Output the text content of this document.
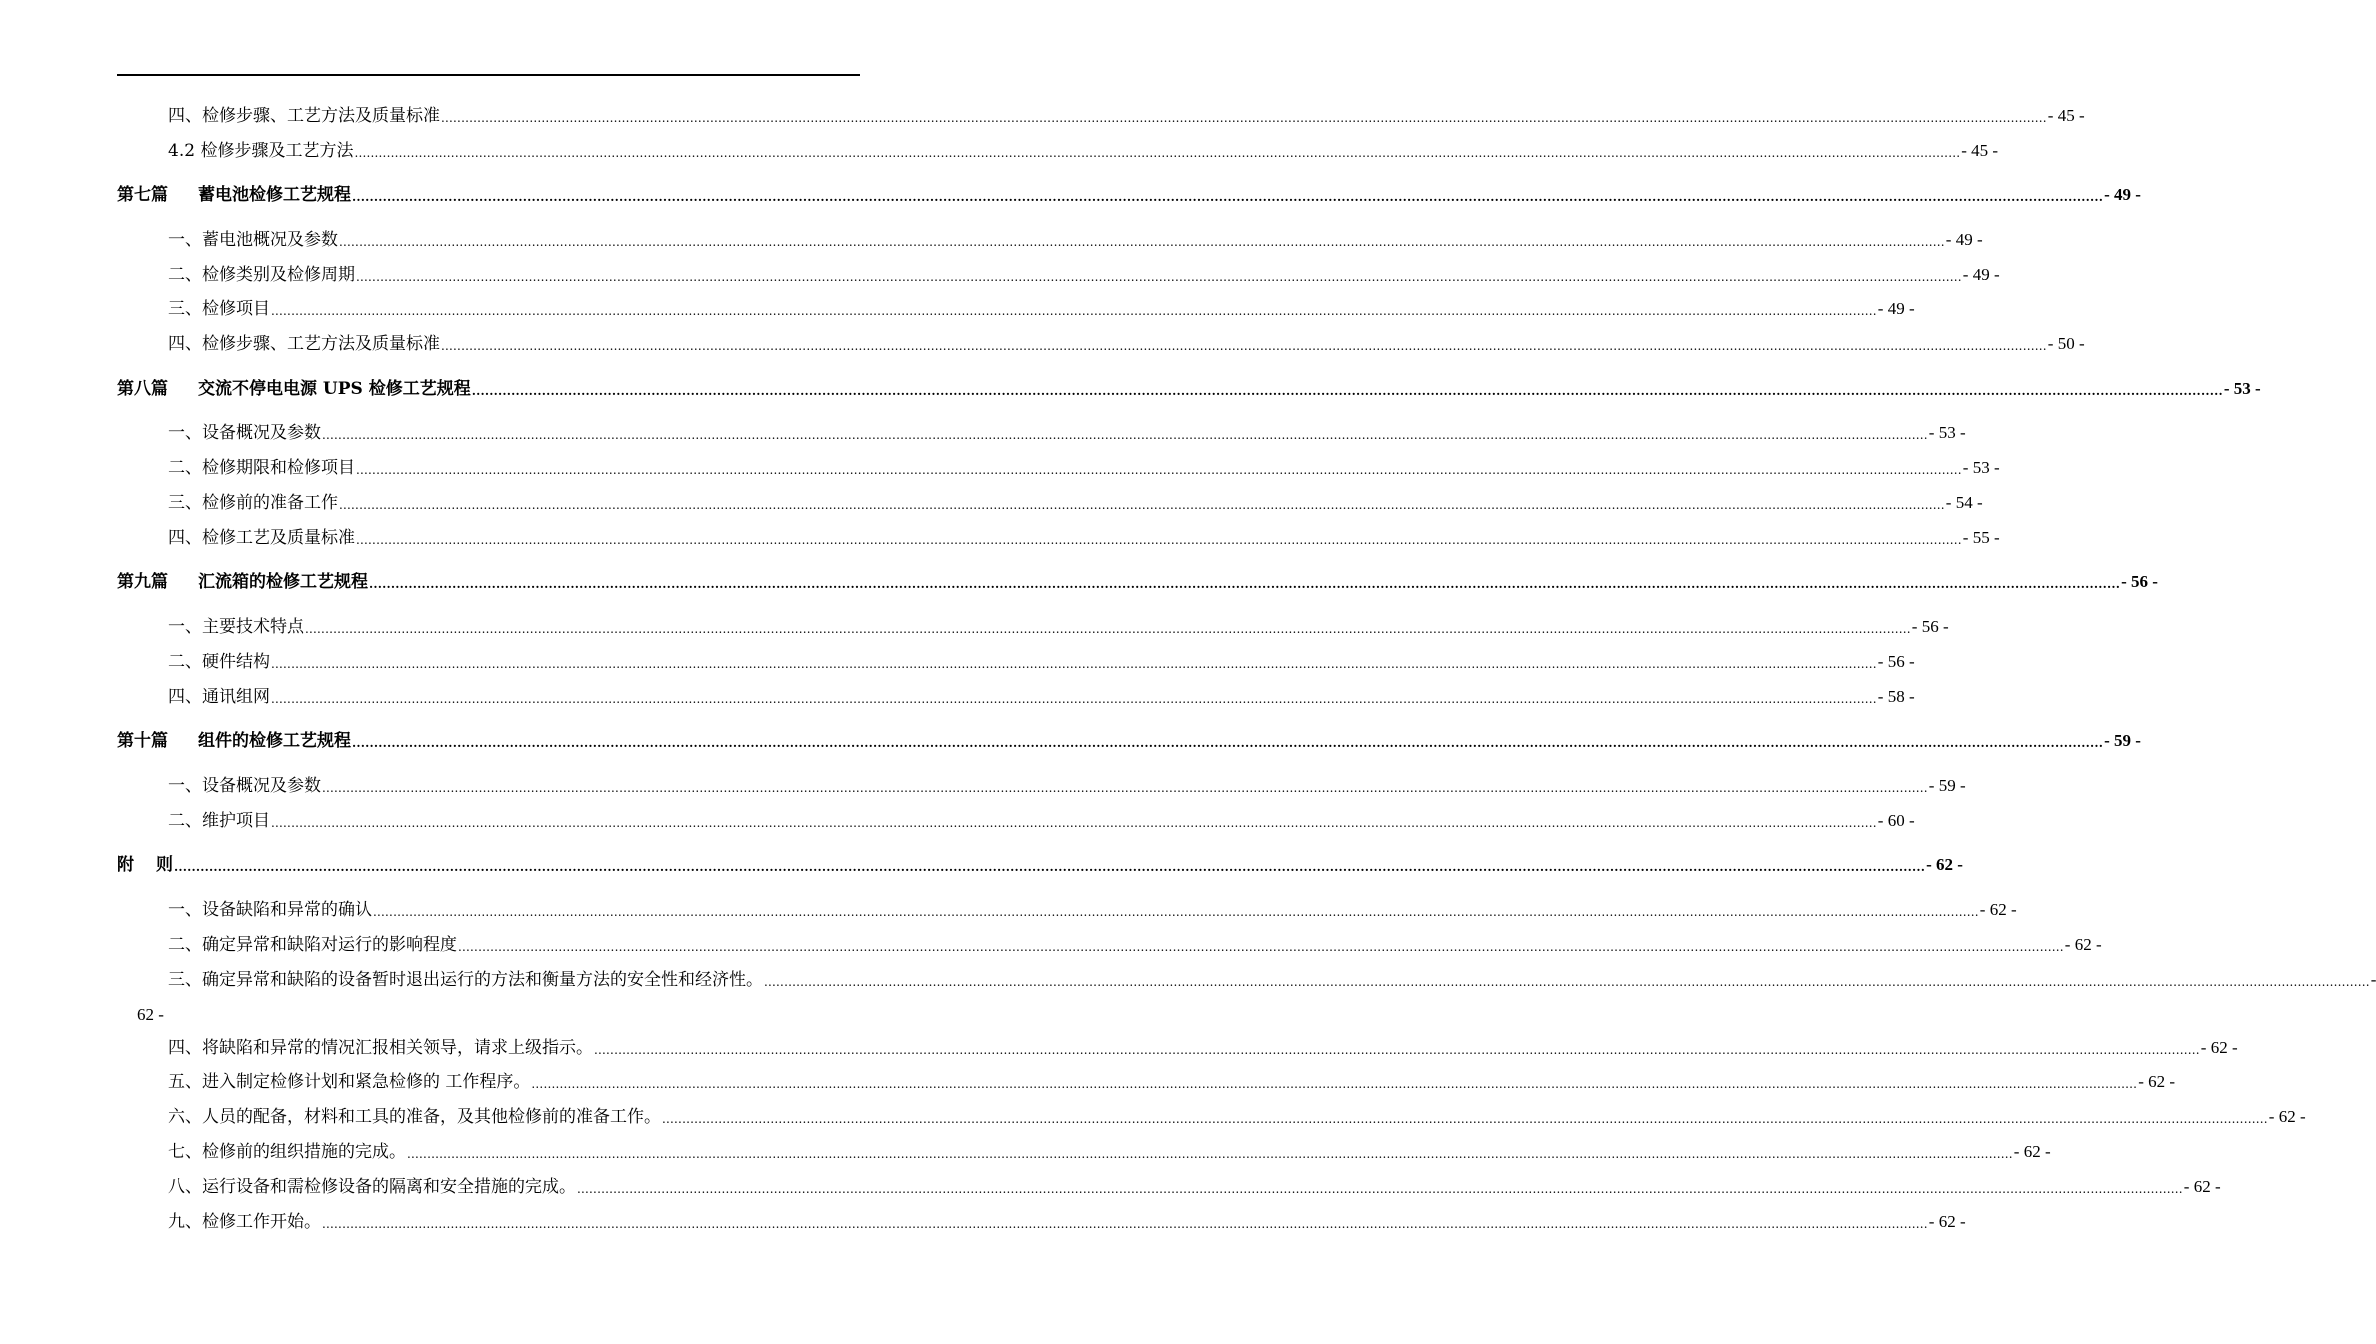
四、检修步骤、工艺方法及质量标准 ................................................................................................................................................................................................................................................................................................................................................................................................................ - 45 -
4.2 检修步骤及工艺方法 ................................................................................................................................................................................................................................................................................................................................................................................................................ - 45 -
第七篇 蓄电池检修工艺规程 ................................................................................................................................................................................................................................................................................................................................................................................................................ - 49 -
一、蓄电池概况及参数 ................................................................................................................................................................................................................................................................................................................................................................................................................ - 49 -
二、检修类别及检修周期 ................................................................................................................................................................................................................................................................................................................................................................................................................ - 49 -
三、检修项目 ................................................................................................................................................................................................................................................................................................................................................................................................................ - 49 -
四、检修步骤、工艺方法及质量标准 ................................................................................................................................................................................................................................................................................................................................................................................................................ - 50 -
第八篇 交流不停电电源 UPS 检修工艺规程 ................................................................................................................................................................................................................................................................................................................................................................................................................ - 53 -
一、设备概况及参数 ................................................................................................................................................................................................................................................................................................................................................................................................................ - 53 -
二、检修期限和检修项目 ................................................................................................................................................................................................................................................................................................................................................................................................................ - 53 -
三、检修前的准备工作 ................................................................................................................................................................................................................................................................................................................................................................................................................ - 54 -
四、检修工艺及质量标准 ................................................................................................................................................................................................................................................................................................................................................................................................................ - 55 -
第九篇 汇流箱的检修工艺规程 ................................................................................................................................................................................................................................................................................................................................................................................................................ - 56 -
一、主要技术特点 ................................................................................................................................................................................................................................................................................................................................................................................................................ - 56 -
二、硬件结构 ................................................................................................................................................................................................................................................................................................................................................................................................................ - 56 -
四、通讯组网 ................................................................................................................................................................................................................................................................................................................................................................................................................ - 58 -
第十篇 组件的检修工艺规程 ................................................................................................................................................................................................................................................................................................................................................................................................................ - 59 -
一、设备概况及参数 ................................................................................................................................................................................................................................................................................................................................................................................................................ - 59 -
二、维护项目 ................................................................................................................................................................................................................................................................................................................................................................................................................ - 60 -
附 则 ................................................................................................................................................................................................................................................................................................................................................................................................................ - 62 -
一、设备缺陷和异常的确认 ................................................................................................................................................................................................................................................................................................................................................................................................................ - 62 -
二、确定异常和缺陷对运行的影响程度 ................................................................................................................................................................................................................................................................................................................................................................................................................ - 62 -
三、确定异常和缺陷的设备暂时退出运行的方法和衡量方法的安全性和经济性。 ................................................................................................................................................................................................................................................................................................................................................................................................................ -
四、将缺陷和异常的情况汇报相关领导，请求上级指示。 ................................................................................................................................................................................................................................................................................................................................................................................................................ - 62 -
五、进入制定检修计划和紧急检修的 工作程序。 ................................................................................................................................................................................................................................................................................................................................................................................................................ - 62 -
六、人员的配备，材料和工具的准备，及其他检修前的准备工作。 ................................................................................................................................................................................................................................................................................................................................................................................................................ - 62 -
七、检修前的组织措施的完成。 ................................................................................................................................................................................................................................................................................................................................................................................................................ - 62 -
八、运行设备和需检修设备的隔离和安全措施的完成。 ................................................................................................................................................................................................................................................................................................................................................................................................................ - 62 -
九、检修工作开始。 ................................................................................................................................................................................................................................................................................................................................................................................................................ - 62 -
62 -
